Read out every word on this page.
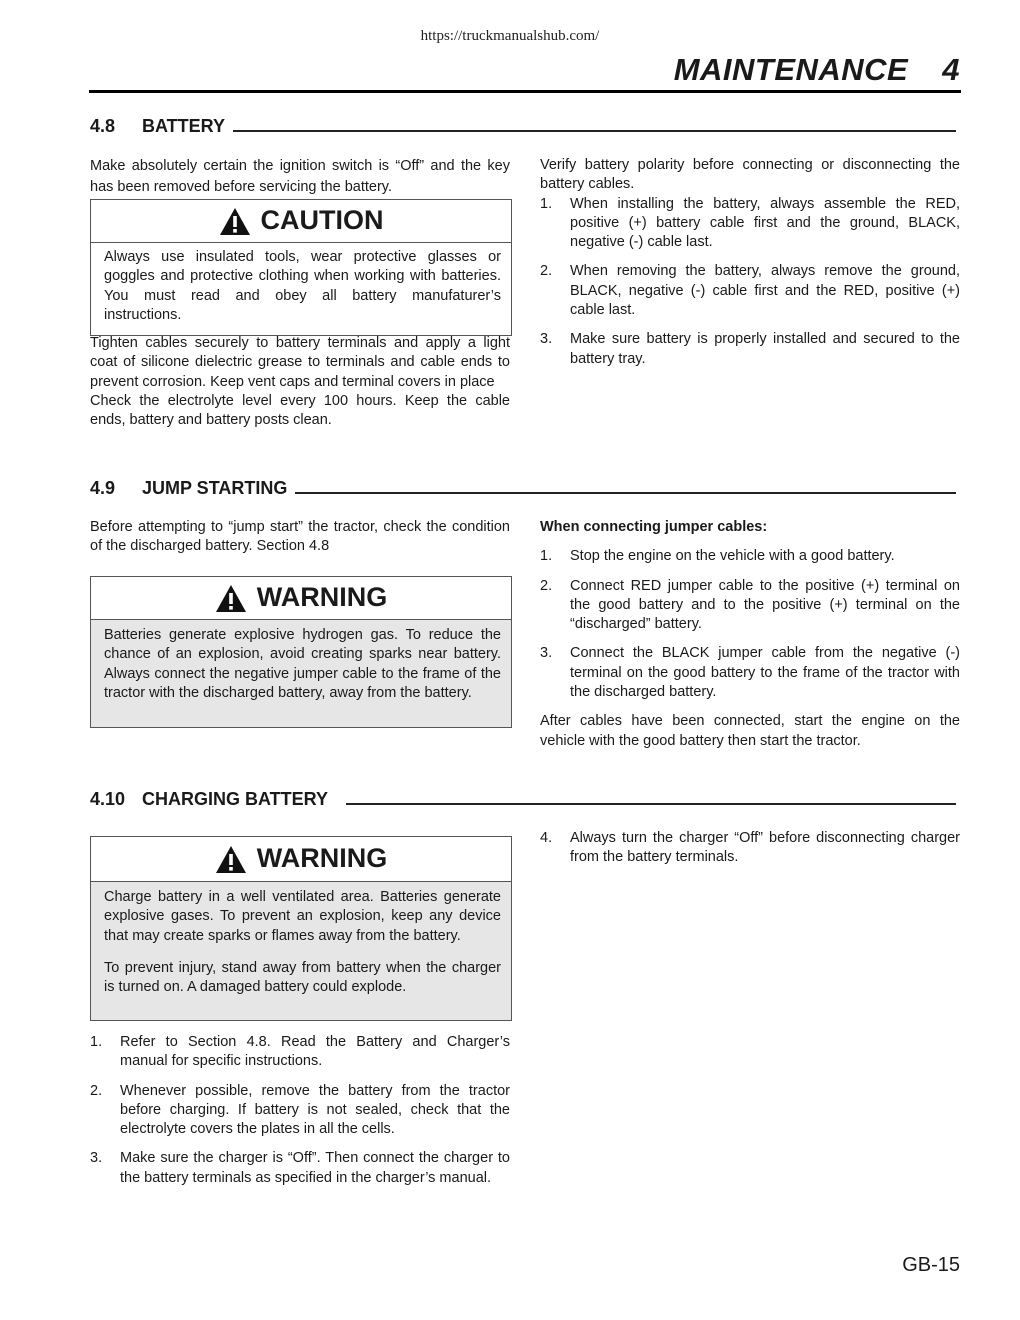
https://truckmanualshub.com/
MAINTENANCE 4
4.8	BATTERY

Make absolutely certain the ignition switch is “Off” and the key has been removed before servicing the battery.

CAUTION
Always use insulated tools, wear protective glasses or goggles and protective clothing when working with batteries. You must read and obey all battery manufaturer’s instructions.

Tighten cables securely to battery terminals and apply a light coat of silicone dielectric grease to terminals and cable ends to prevent corrosion. Keep vent caps and terminal covers in place

Check the electrolyte level every 100 hours. Keep the cable ends, battery and battery posts clean.

Verify battery polarity before connecting or disconnecting the battery cables.

1.	When installing the battery, always assemble the RED, positive (+) battery cable first and the ground, BLACK, negative (-) cable last.
2.	When removing the battery, always remove the ground, BLACK, negative (-) cable first and the RED, positive (+) cable last.
3.	Make sure battery is properly installed and secured to the battery tray.
4.9	JUMP STARTING

Before attempting to “jump start” the tractor, check the condition of the discharged battery. Section 4.8

WARNING
Batteries generate explosive hydrogen gas. To reduce the chance of an explosion, avoid creating sparks near battery. Always connect the negative jumper cable to the frame of the tractor with the discharged battery, away from the battery.

When connecting jumper cables:

1.	Stop the engine on the vehicle with a good battery.
2.	Connect RED jumper cable to the positive (+) terminal on the good battery and to the positive (+) terminal on the “discharged” battery.
3.	Connect the BLACK jumper cable from the negative (-) terminal on the good battery to the frame of the tractor with the discharged battery.

After cables have been connected, start the engine on the vehicle with the good battery then start the tractor.

4.10 CHARGING BATTERY
WARNING

Charge battery in a well ventilated area. Batteries generate explosive gases. To prevent an explosion, keep any device that may create sparks or flames away from the battery.

To prevent injury, stand away from battery when the charger is turned on. A damaged battery could explode.

1.	Refer to Section 4.8. Read the Battery and Charger’s manual for specific instructions.
2.	Whenever possible, remove the battery from the tractor before charging. If battery is not sealed, check that the electrolyte covers the plates in all the cells.
3.	Make sure the charger is “Off”. Then connect the charger to the battery terminals as specified in the charger’s manual.
4.	Always turn the charger “Off” before disconnecting charger from the battery terminals.
GB-15
